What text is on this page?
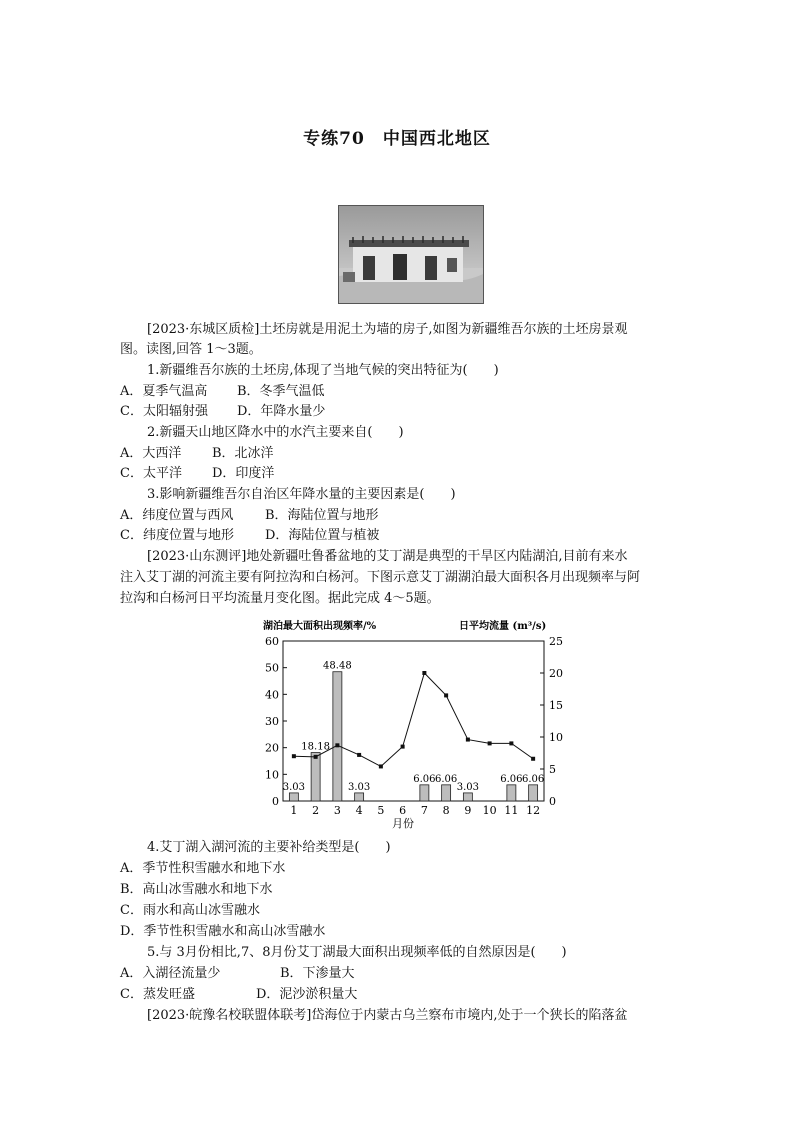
专练70　中国西北地区
[2023·东城区质检]土坯房就是用泥土为墙的房子,如图为新疆维吾尔族的土坯房景观
图。读图,回答 1～3题。
1.新疆维吾尔族的土坯房,体现了当地气候的突出特征为(　　)
A．夏季气温高 B．冬季气温低
C．太阳辐射强 D．年降水量少
2.新疆天山地区降水中的水汽主要来自(　　)
A．大西洋 B．北冰洋
C．太平洋 D．印度洋
3.影响新疆维吾尔自治区年降水量的主要因素是(　　)
A．纬度位置与西风 B．海陆位置与地形
C．纬度位置与地形 D．海陆位置与植被
[2023·山东测评]地处新疆吐鲁番盆地的艾丁湖是典型的干旱区内陆湖泊,目前有来水
注入艾丁湖的河流主要有阿拉沟和白杨河。下图示意艾丁湖湖泊最大面积各月出现频率与阿
拉沟和白杨河日平均流量月变化图。据此完成 4～5题。
湖泊最大面积出现频率/%	日平均流量 (m³/s)
0
10
20
30
40
50
60
0
5
10
15
20
25
1
3.03
2
18.18
3
48.48
4
3.03
5 6 7
6.06
8
6.06
9
3.03
10 11
6.06
12
6.06
月份
4.艾丁湖入湖河流的主要补给类型是(　　)
A．季节性积雪融水和地下水
B．高山冰雪融水和地下水
C．雨水和高山冰雪融水
D．季节性积雪融水和高山冰雪融水
5.与 3月份相比,7、8月份艾丁湖最大面积出现频率低的自然原因是(　　)
A．入湖径流量少	B．下渗量大
C．蒸发旺盛	D．泥沙淤积量大
[2023·皖豫名校联盟体联考]岱海位于内蒙古乌兰察布市境内,处于一个狭长的陷落盆
